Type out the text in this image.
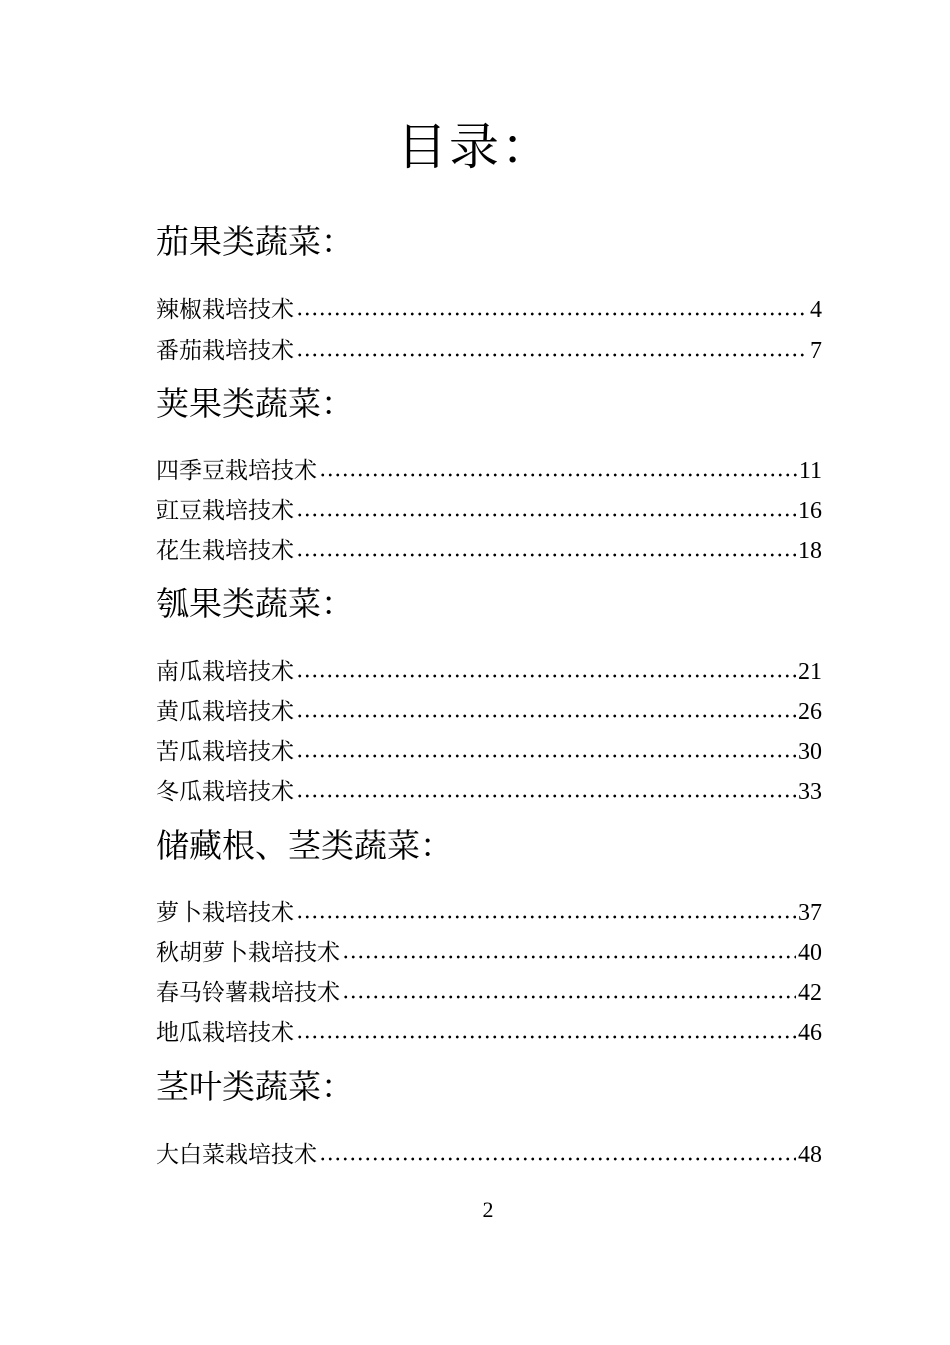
目录：
茄果类蔬菜：
辣椒栽培技术	4
番茄栽培技术	7
荚果类蔬菜：
四季豆栽培技术	11
豇豆栽培技术	16
花生栽培技术	18
瓠果类蔬菜：
南瓜栽培技术	21
黄瓜栽培技术	26
苦瓜栽培技术	30
冬瓜栽培技术	33
储藏根、茎类蔬菜：
萝卜栽培技术	37
秋胡萝卜栽培技术	40
春马铃薯栽培技术	42
地瓜栽培技术	46
茎叶类蔬菜：
大白菜栽培技术	48
2
